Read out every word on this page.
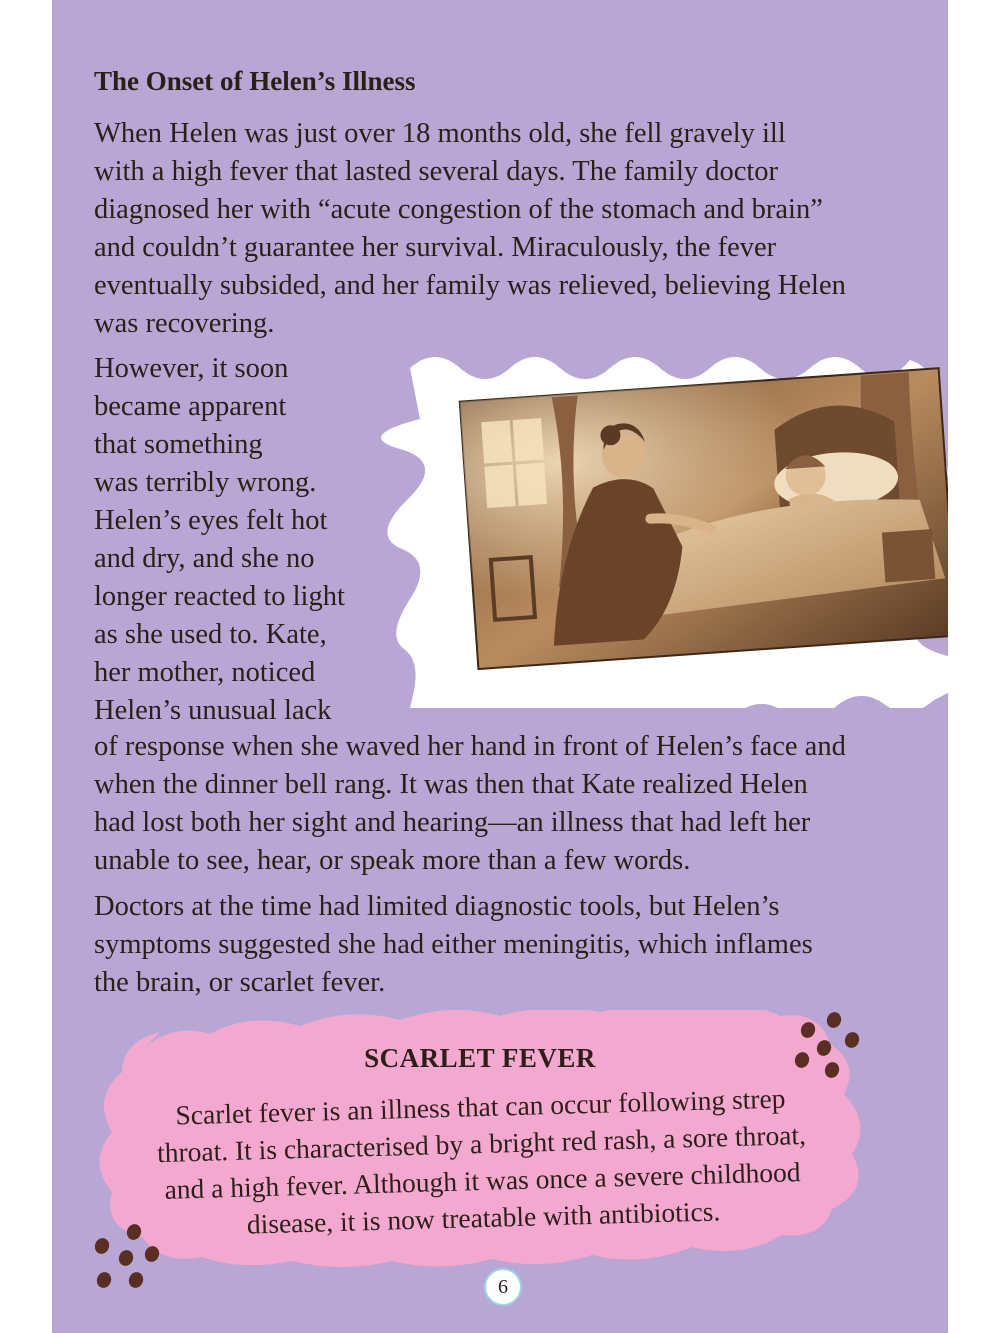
The Onset of Helen’s Illness

When Helen was just over 18 months old, she fell gravely ill
with a high fever that lasted several days. The family doctor
diagnosed her with “acute congestion of the stomach and brain”
and couldn’t guarantee her survival. Miraculously, the fever
eventually subsided, and her family was relieved, believing Helen
was recovering.

However, it soon
became apparent
that something
was terribly wrong.
Helen’s eyes felt hot
and dry, and she no
longer reacted to light
as she used to. Kate,
her mother, noticed
Helen’s unusual lack

of response when she waved her hand in front of Helen’s face and
when the dinner bell rang. It was then that Kate realized Helen
had lost both her sight and hearing—an illness that had left her
unable to see, hear, or speak more than a few words.

Doctors at the time had limited diagnostic tools, but Helen’s
symptoms suggested she had either meningitis, which inflames
the brain, or scarlet fever.

SCARLET FEVER

Scarlet fever is an illness that can occur following strep
throat. It is characterised by a bright red rash, a sore throat,
and a high fever. Although it was once a severe childhood
disease, it is now treatable with antibiotics.

6
